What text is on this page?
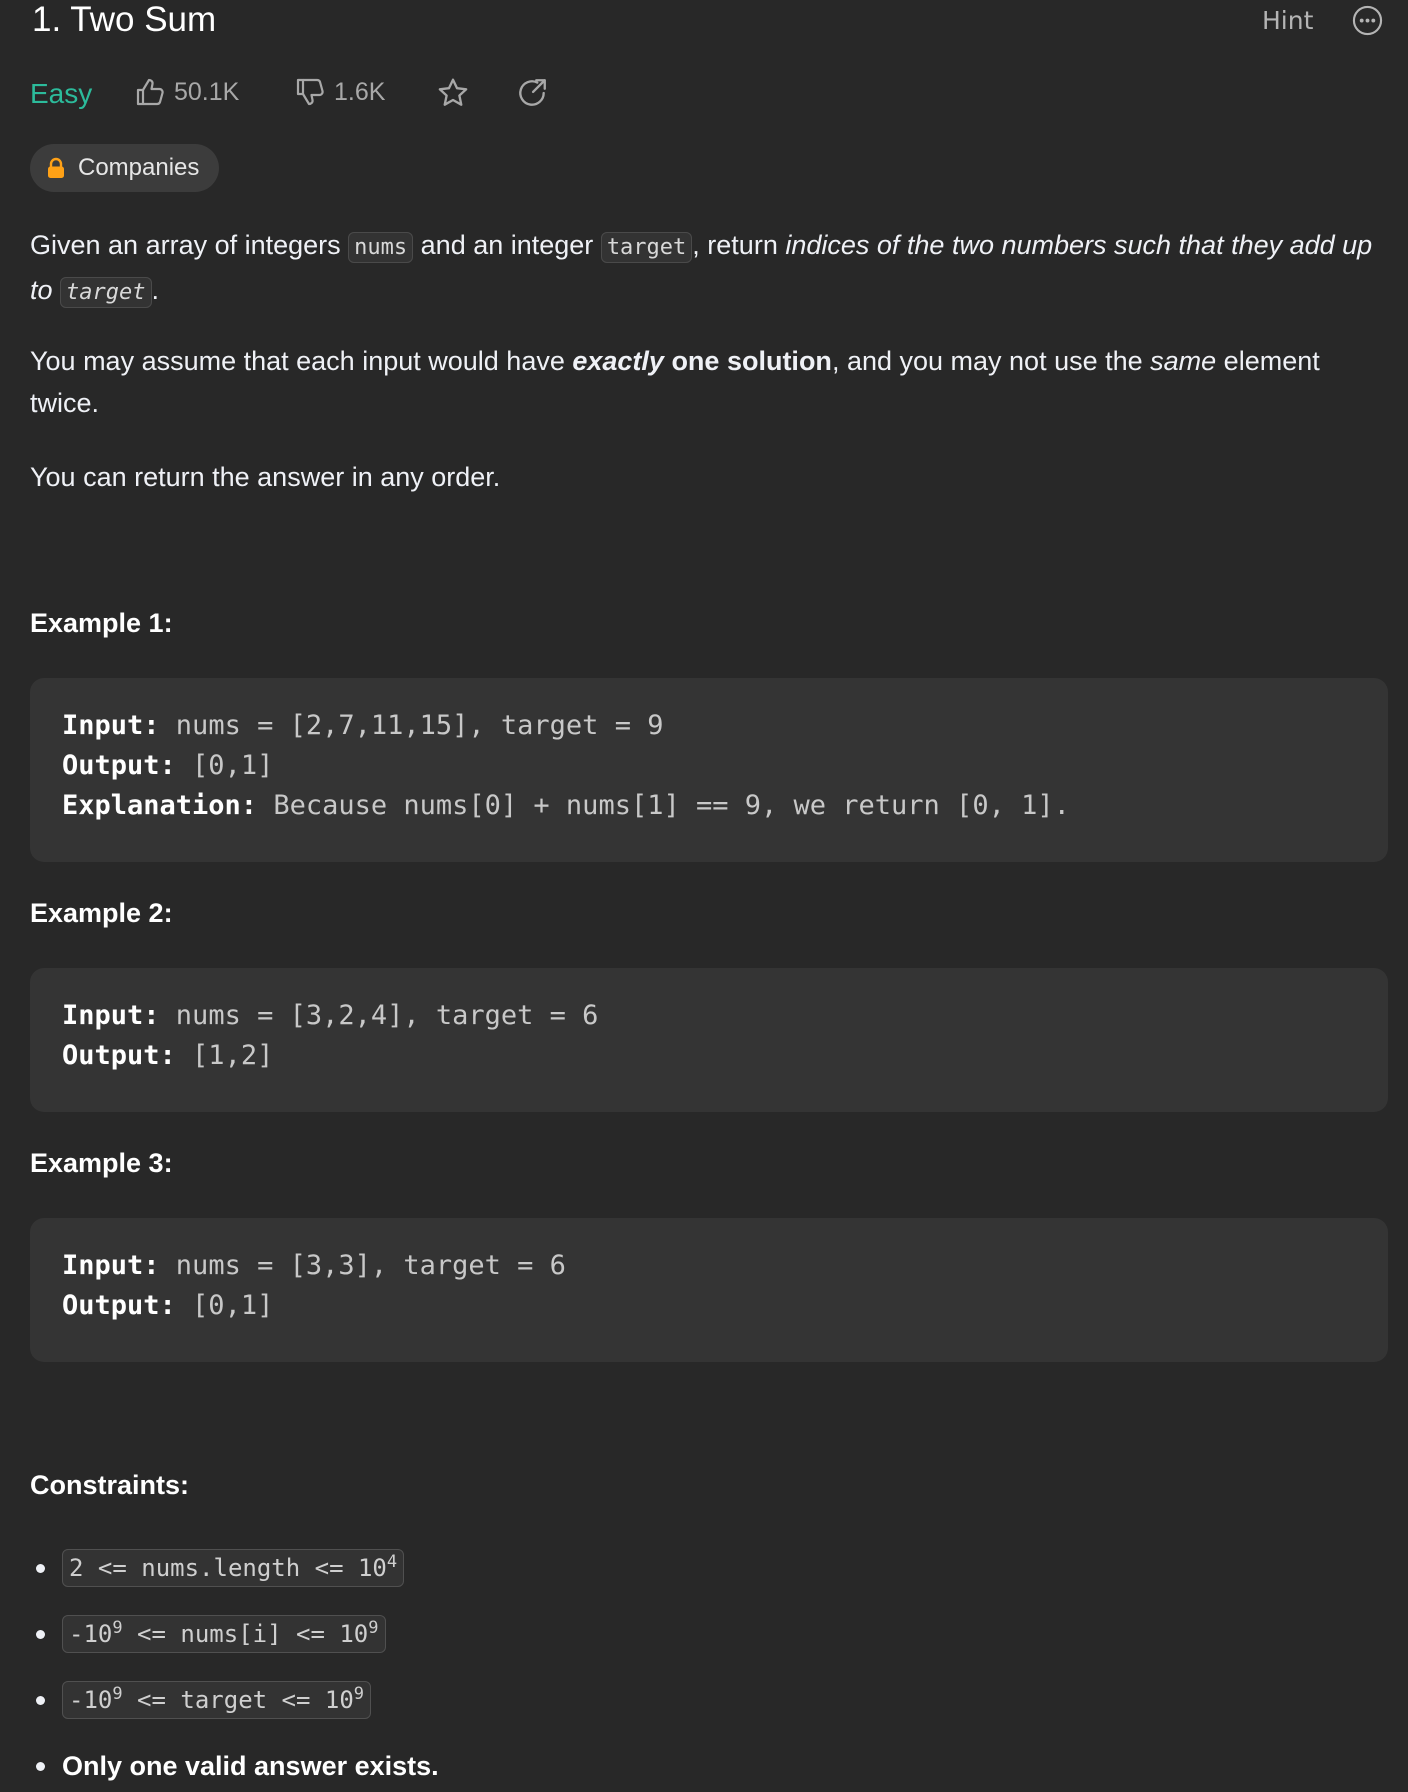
1. Two Sum	Hint
Easy	50.1K	1.6K
Companies
Given an array of integers nums and an integer target , return indices of the two numbers such that they add up to target .
You may assume that each input would have exactly one solution, and you may not use the same element twice.
You can return the answer in any order.
Example 1:
Input: nums = [2,7,11,15], target = 9
Output: [0,1]
Explanation: Because nums[0] + nums[1] == 9, we return [0, 1].
Example 2:
Input: nums = [3,2,4], target = 6
Output: [1,2]
Example 3:
Input: nums = [3,3], target = 6
Output: [0,1]
Constraints:
2 <= nums.length <= $10^4$
$-10^9$ <= nums[i] <= $10^9$
$-10^9$ <= target <= $10^9$
Only one valid answer exists.
